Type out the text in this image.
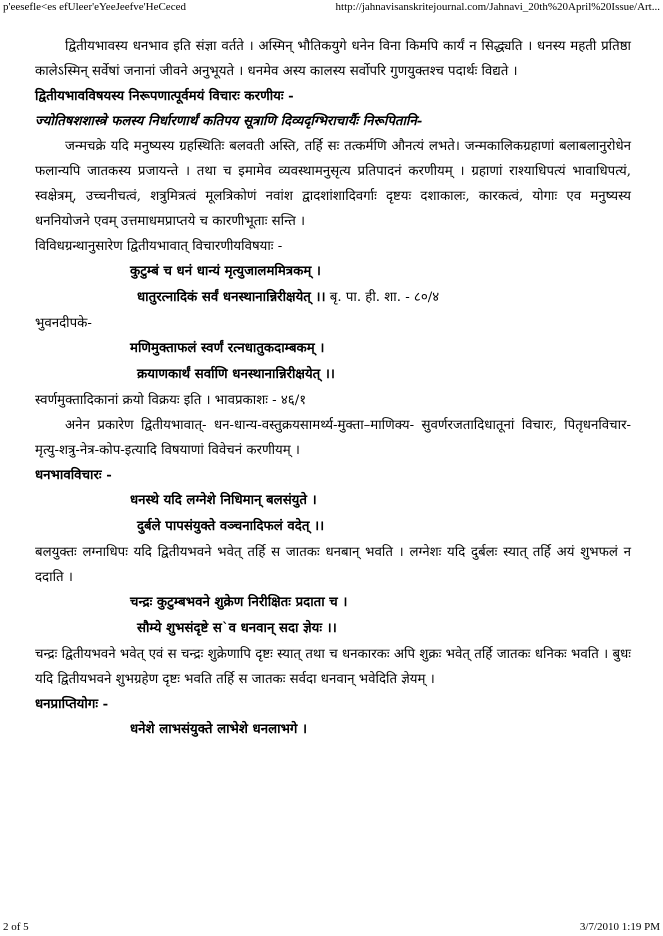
p'eesefle<es efUleer'eYeeJeefve'HeCeced	http://jahnavisanskritejournal.com/Jahnavi_20th%20April%20Issue/Art...

द्वितीयभावस्य धनभाव इति संज्ञा वर्तते । अस्मिन् भौतिकयुगे धनेन विना किमपि कार्यं न सिद्ध्यति । धनस्य महती प्रतिष्ठा कालेऽस्मिन् सर्वेषां जनानां जीवने अनुभूयते । धनमेव अस्य कालस्य सर्वोपरि गुणयुक्तश्च पदार्थः विद्यते ।

द्वितीयभावविषयस्य निरूपणात्पूर्वमयं विचारः करणीयः -

ज्योतिषशशास्त्रे फलस्य निर्धारणार्थं कतिपय सूत्राणि दिव्यदृग्भिराचार्यैः निरूपितानि-

जन्मचक्रे यदि मनुष्यस्य ग्रहस्थितिः बलवती अस्ति, तर्हि सः तत्कर्मणि औनत्यं लभते। जन्मकालिकग्रहाणां बलाबलानुरोधेन फलान्यपि जातकस्य प्रजायन्ते । तथा च इमामेव व्यवस्थामनुसृत्य प्रतिपादनं करणीयम् । ग्रहाणां राश्याधिपत्यं भावाधिपत्यं, स्वक्षेत्रम्, उच्चनीचत्वं, शत्रुमित्रत्वं मूलत्रिकोणं नवांश द्वादशांशादिवर्गाः दृष्टयः दशाकालः, कारकत्वं, योगाः एव मनुष्यस्य धननियोजने एवम् उत्तमाधमप्राप्तये च कारणीभूताः सन्ति ।

विविधग्रन्थानुसारेण द्वितीयभावात् विचारणीयविषयाः -

कुटुम्बं च धनं धान्यं मृत्युजालममित्रकम् ।

धातुरत्नादिकं सर्वं धनस्थानान्निरीक्षयेत् ।। बृ. पा. ही. शा. - ८०/४

भुवनदीपके-

मणिमुक्ताफलं स्वर्णं रत्नधातुकदाम्बकम् ।

क्रयाणकार्थं सर्वाणि धनस्थानान्निरीक्षयेत् ।।

स्वर्णमुक्तादिकानां क्रयो विक्रयः इति । भावप्रकाशः - ४६/१

अनेन प्रकारेण द्वितीयभावात्- धन-धान्य-वस्तुक्रयसामर्थ्य-मुक्ता–माणिक्य- सुवर्णरजतादिधातूनां विचारः, पितृधनविचार-मृत्यु-शत्रु-नेत्र-कोप-इत्यादि विषयाणां विवेचनं करणीयम् ।

धनभावविचारः -

धनस्थे यदि लग्नेशे निधिमान् बलसंयुते ।

दुर्बले पापसंयुक्ते वञ्चनादिफलं वदेत् ।।

बलयुक्तः लग्नाधिपः यदि द्वितीयभवने भवेत् तर्हि स जातकः धनबान् भवति । लग्नेशः यदि दुर्बलः स्यात् तर्हि अयं शुभफलं न ददाति ।

चन्द्रः कुटुम्बभवने शुक्रेण निरीक्षितः प्रदाता च ।

सौम्ये शुभसंदृष्टे स`व धनवान् सदा ज्ञेयः ।।

चन्द्रः द्वितीयभवने भवेत् एवं स चन्द्रः शुक्रेणापि दृष्टः स्यात् तथा च धनकारकः अपि शुक्रः भवेत् तर्हि जातकः धनिकः भवति । बुधः यदि द्वितीयभवने शुभग्रहेण दृष्टः भवति तर्हि स जातकः सर्वदा धनवान् भवेदिति ज्ञेयम् ।

धनप्राप्तियोगः -

धनेशे लाभसंयुक्ते लाभेशे धनलाभगे ।

2 of 5	3/7/2010 1:19 PM
